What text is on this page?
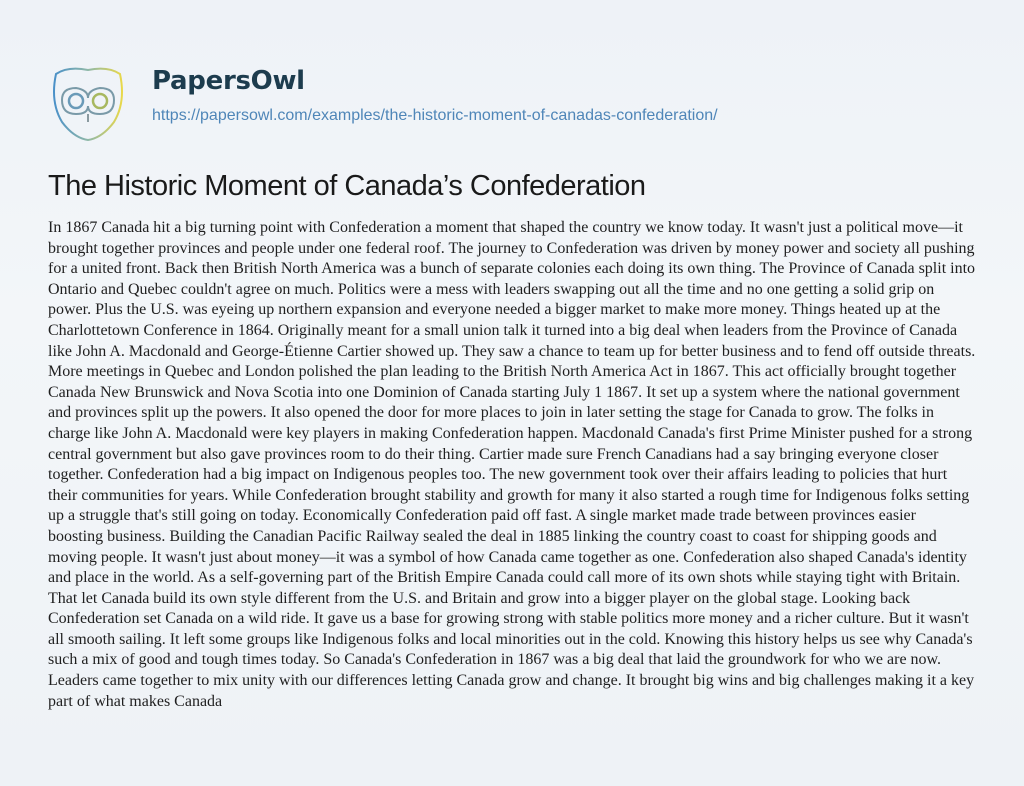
PapersOwl
https://papersowl.com/examples/the-historic-moment-of-canadas-confederation/
The Historic Moment of Canada’s Confederation
In 1867 Canada hit a big turning point with Confederation a moment that shaped the country we know today. It wasn't just a political move—it
brought together provinces and people under one federal roof. The journey to Confederation was driven by money power and society all pushing
for a united front. Back then British North America was a bunch of separate colonies each doing its own thing. The Province of Canada split into
Ontario and Quebec couldn't agree on much. Politics were a mess with leaders swapping out all the time and no one getting a solid grip on
power. Plus the U.S. was eyeing up northern expansion and everyone needed a bigger market to make more money. Things heated up at the
Charlottetown Conference in 1864. Originally meant for a small union talk it turned into a big deal when leaders from the Province of Canada
like John A. Macdonald and George-Étienne Cartier showed up. They saw a chance to team up for better business and to fend off outside threats.
More meetings in Quebec and London polished the plan leading to the British North America Act in 1867. This act officially brought together
Canada New Brunswick and Nova Scotia into one Dominion of Canada starting July 1 1867. It set up a system where the national government
and provinces split up the powers. It also opened the door for more places to join in later setting the stage for Canada to grow. The folks in
charge like John A. Macdonald were key players in making Confederation happen. Macdonald Canada's first Prime Minister pushed for a strong
central government but also gave provinces room to do their thing. Cartier made sure French Canadians had a say bringing everyone closer
together. Confederation had a big impact on Indigenous peoples too. The new government took over their affairs leading to policies that hurt
their communities for years. While Confederation brought stability and growth for many it also started a rough time for Indigenous folks setting
up a struggle that's still going on today. Economically Confederation paid off fast. A single market made trade between provinces easier
boosting business. Building the Canadian Pacific Railway sealed the deal in 1885 linking the country coast to coast for shipping goods and
moving people. It wasn't just about money—it was a symbol of how Canada came together as one. Confederation also shaped Canada's identity
and place in the world. As a self-governing part of the British Empire Canada could call more of its own shots while staying tight with Britain.
That let Canada build its own style different from the U.S. and Britain and grow into a bigger player on the global stage. Looking back
Confederation set Canada on a wild ride. It gave us a base for growing strong with stable politics more money and a richer culture. But it wasn't
all smooth sailing. It left some groups like Indigenous folks and local minorities out in the cold. Knowing this history helps us see why Canada's
such a mix of good and tough times today. So Canada's Confederation in 1867 was a big deal that laid the groundwork for who we are now.
Leaders came together to mix unity with our differences letting Canada grow and change. It brought big wins and big challenges making it a key
part of what makes Canada
